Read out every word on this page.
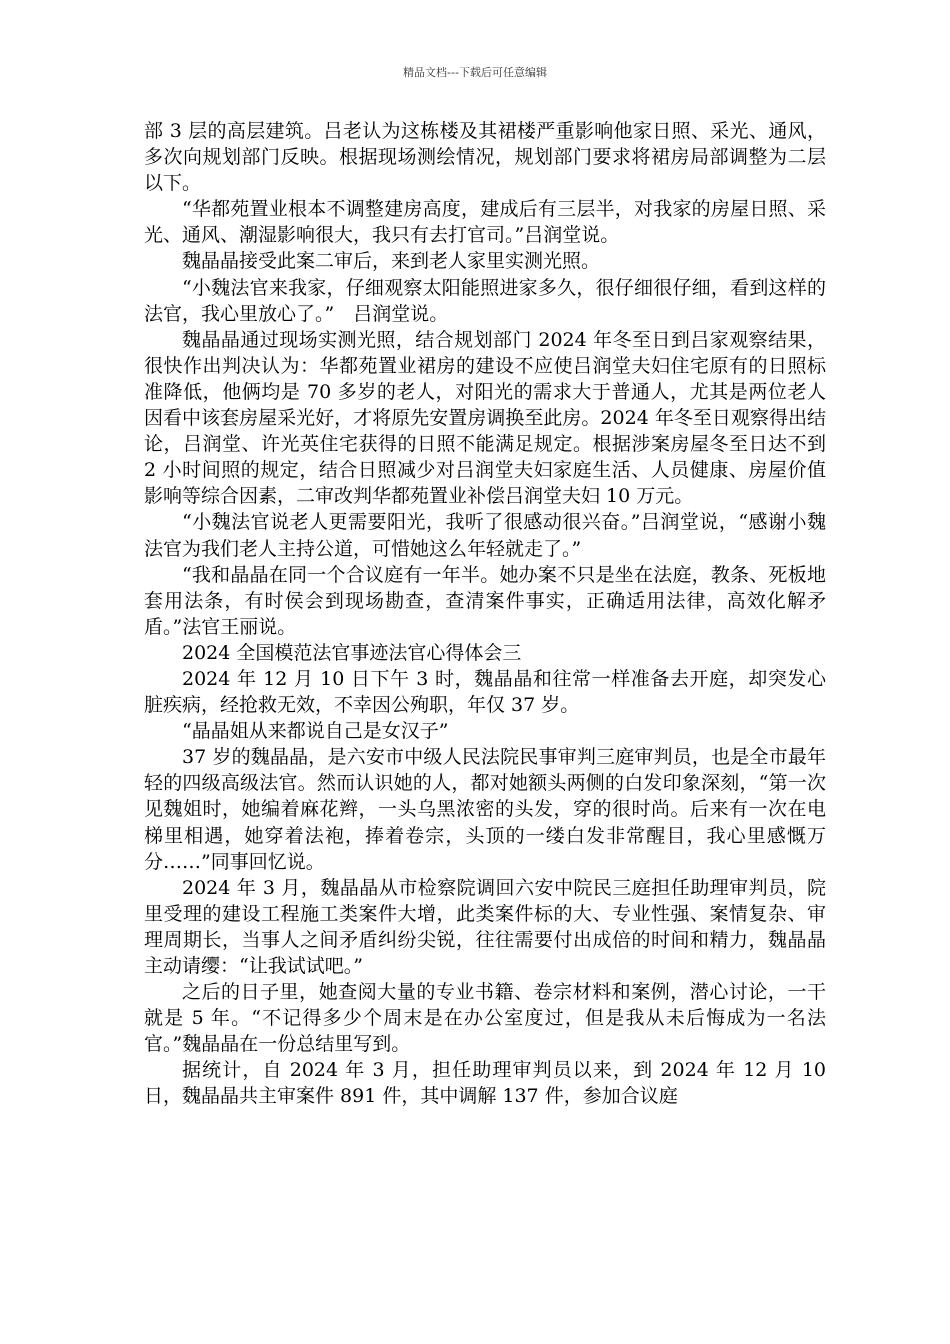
精品文档---下载后可任意编辑

部 3 层的高层建筑。吕老认为这栋楼及其裙楼严重影响他家日照、采光、通风，多次向规划部门反映。根据现场测绘情况，规划部门要求将裙房局部调整为二层以下。

“华都苑置业根本不调整建房高度，建成后有三层半，对我家的房屋日照、采光、通风、潮湿影响很大，我只有去打官司。”吕润堂说。

魏晶晶接受此案二审后，来到老人家里实测光照。

“小魏法官来我家，仔细观察太阳能照进家多久，很仔细很仔细，看到这样的法官，我心里放心了。”　吕润堂说。

魏晶晶通过现场实测光照，结合规划部门 2024 年冬至日到吕家观察结果，很快作出判决认为：华都苑置业裙房的建设不应使吕润堂夫妇住宅原有的日照标准降低，他俩均是 70 多岁的老人，对阳光的需求大于普通人，尤其是两位老人因看中该套房屋采光好，才将原先安置房调换至此房。2024 年冬至日观察得出结论，吕润堂、许光英住宅获得的日照不能满足规定。根据涉案房屋冬至日达不到 2 小时间照的规定，结合日照减少对吕润堂夫妇家庭生活、人员健康、房屋价值影响等综合因素，二审改判华都苑置业补偿吕润堂夫妇 10 万元。

“小魏法官说老人更需要阳光，我听了很感动很兴奋。”吕润堂说，“感谢小魏法官为我们老人主持公道，可惜她这么年轻就走了。”

“我和晶晶在同一个合议庭有一年半。她办案不只是坐在法庭，教条、死板地套用法条，有时侯会到现场勘查，查清案件事实，正确适用法律，高效化解矛盾。”法官王丽说。

2024 全国模范法官事迹法官心得体会三

2024 年 12 月 10 日下午 3 时，魏晶晶和往常一样准备去开庭，却突发心脏疾病，经抢救无效，不幸因公殉职，年仅 37 岁。

“晶晶姐从来都说自己是女汉子”

37 岁的魏晶晶，是六安市中级人民法院民事审判三庭审判员，也是全市最年轻的四级高级法官。然而认识她的人，都对她额头两侧的白发印象深刻，“第一次见魏姐时，她编着麻花辫，一头乌黑浓密的头发，穿的很时尚。后来有一次在电梯里相遇，她穿着法袍，捧着卷宗，头顶的一缕白发非常醒目，我心里感慨万分……”同事回忆说。

2024 年 3 月，魏晶晶从市检察院调回六安中院民三庭担任助理审判员，院里受理的建设工程施工类案件大增，此类案件标的大、专业性强、案情复杂、审理周期长，当事人之间矛盾纠纷尖锐，往往需要付出成倍的时间和精力，魏晶晶主动请缨：“让我试试吧。”

之后的日子里，她查阅大量的专业书籍、卷宗材料和案例，潜心讨论，一干就是 5 年。“不记得多少个周末是在办公室度过，但是我从未后悔成为一名法官。”魏晶晶在一份总结里写到。

据统计，自 2024 年 3 月，担任助理审判员以来，到 2024 年 12 月 10 日，魏晶晶共主审案件 891 件，其中调解 137 件，参加合议庭
